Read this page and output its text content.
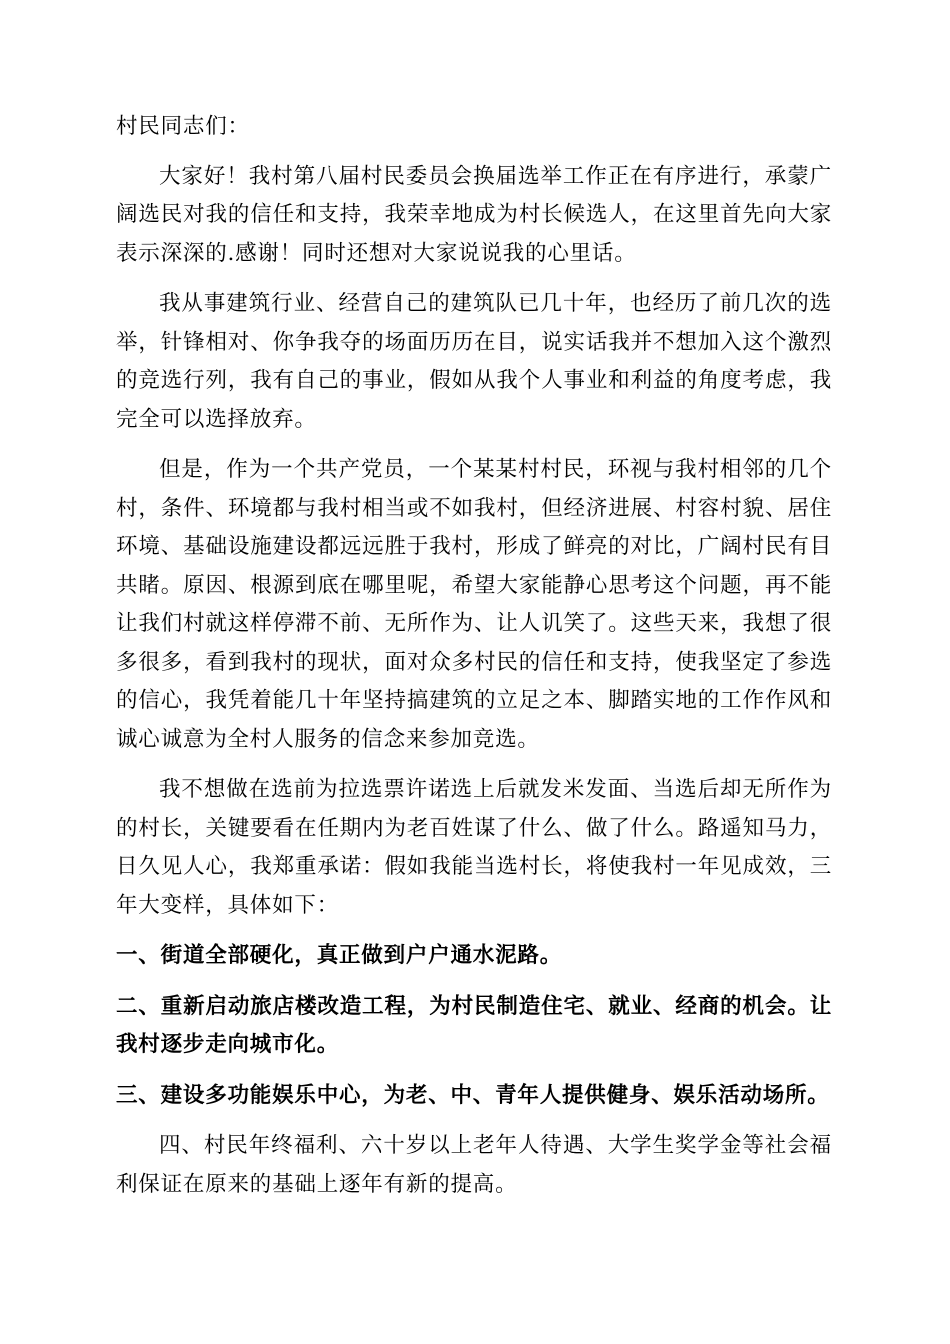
村民同志们：

大家好！我村第八届村民委员会换届选举工作正在有序进行，承蒙广阔选民对我的信任和支持，我荣幸地成为村长候选人，在这里首先向大家表示深深的.感谢！同时还想对大家说说我的心里话。

我从事建筑行业、经营自己的建筑队已几十年，也经历了前几次的选举，针锋相对、你争我夺的场面历历在目，说实话我并不想加入这个激烈的竞选行列，我有自己的事业，假如从我个人事业和利益的角度考虑，我完全可以选择放弃。

但是，作为一个共产党员，一个某某村村民，环视与我村相邻的几个村，条件、环境都与我村相当或不如我村，但经济进展、村容村貌、居住环境、基础设施建设都远远胜于我村，形成了鲜亮的对比，广阔村民有目共睹。原因、根源到底在哪里呢，希望大家能静心思考这个问题，再不能让我们村就这样停滞不前、无所作为、让人讥笑了。这些天来，我想了很多很多，看到我村的现状，面对众多村民的信任和支持，使我坚定了参选的信心，我凭着能几十年坚持搞建筑的立足之本、脚踏实地的工作作风和诚心诚意为全村人服务的信念来参加竞选。

我不想做在选前为拉选票许诺选上后就发米发面、当选后却无所作为的村长，关键要看在任期内为老百姓谋了什么、做了什么。路遥知马力，日久见人心，我郑重承诺：假如我能当选村长，将使我村一年见成效，三年大变样，具体如下：

一、街道全部硬化，真正做到户户通水泥路。

二、重新启动旅店楼改造工程，为村民制造住宅、就业、经商的机会。让我村逐步走向城市化。

三、建设多功能娱乐中心，为老、中、青年人提供健身、娱乐活动场所。

四、村民年终福利、六十岁以上老年人待遇、大学生奖学金等社会福利保证在原来的基础上逐年有新的提高。
